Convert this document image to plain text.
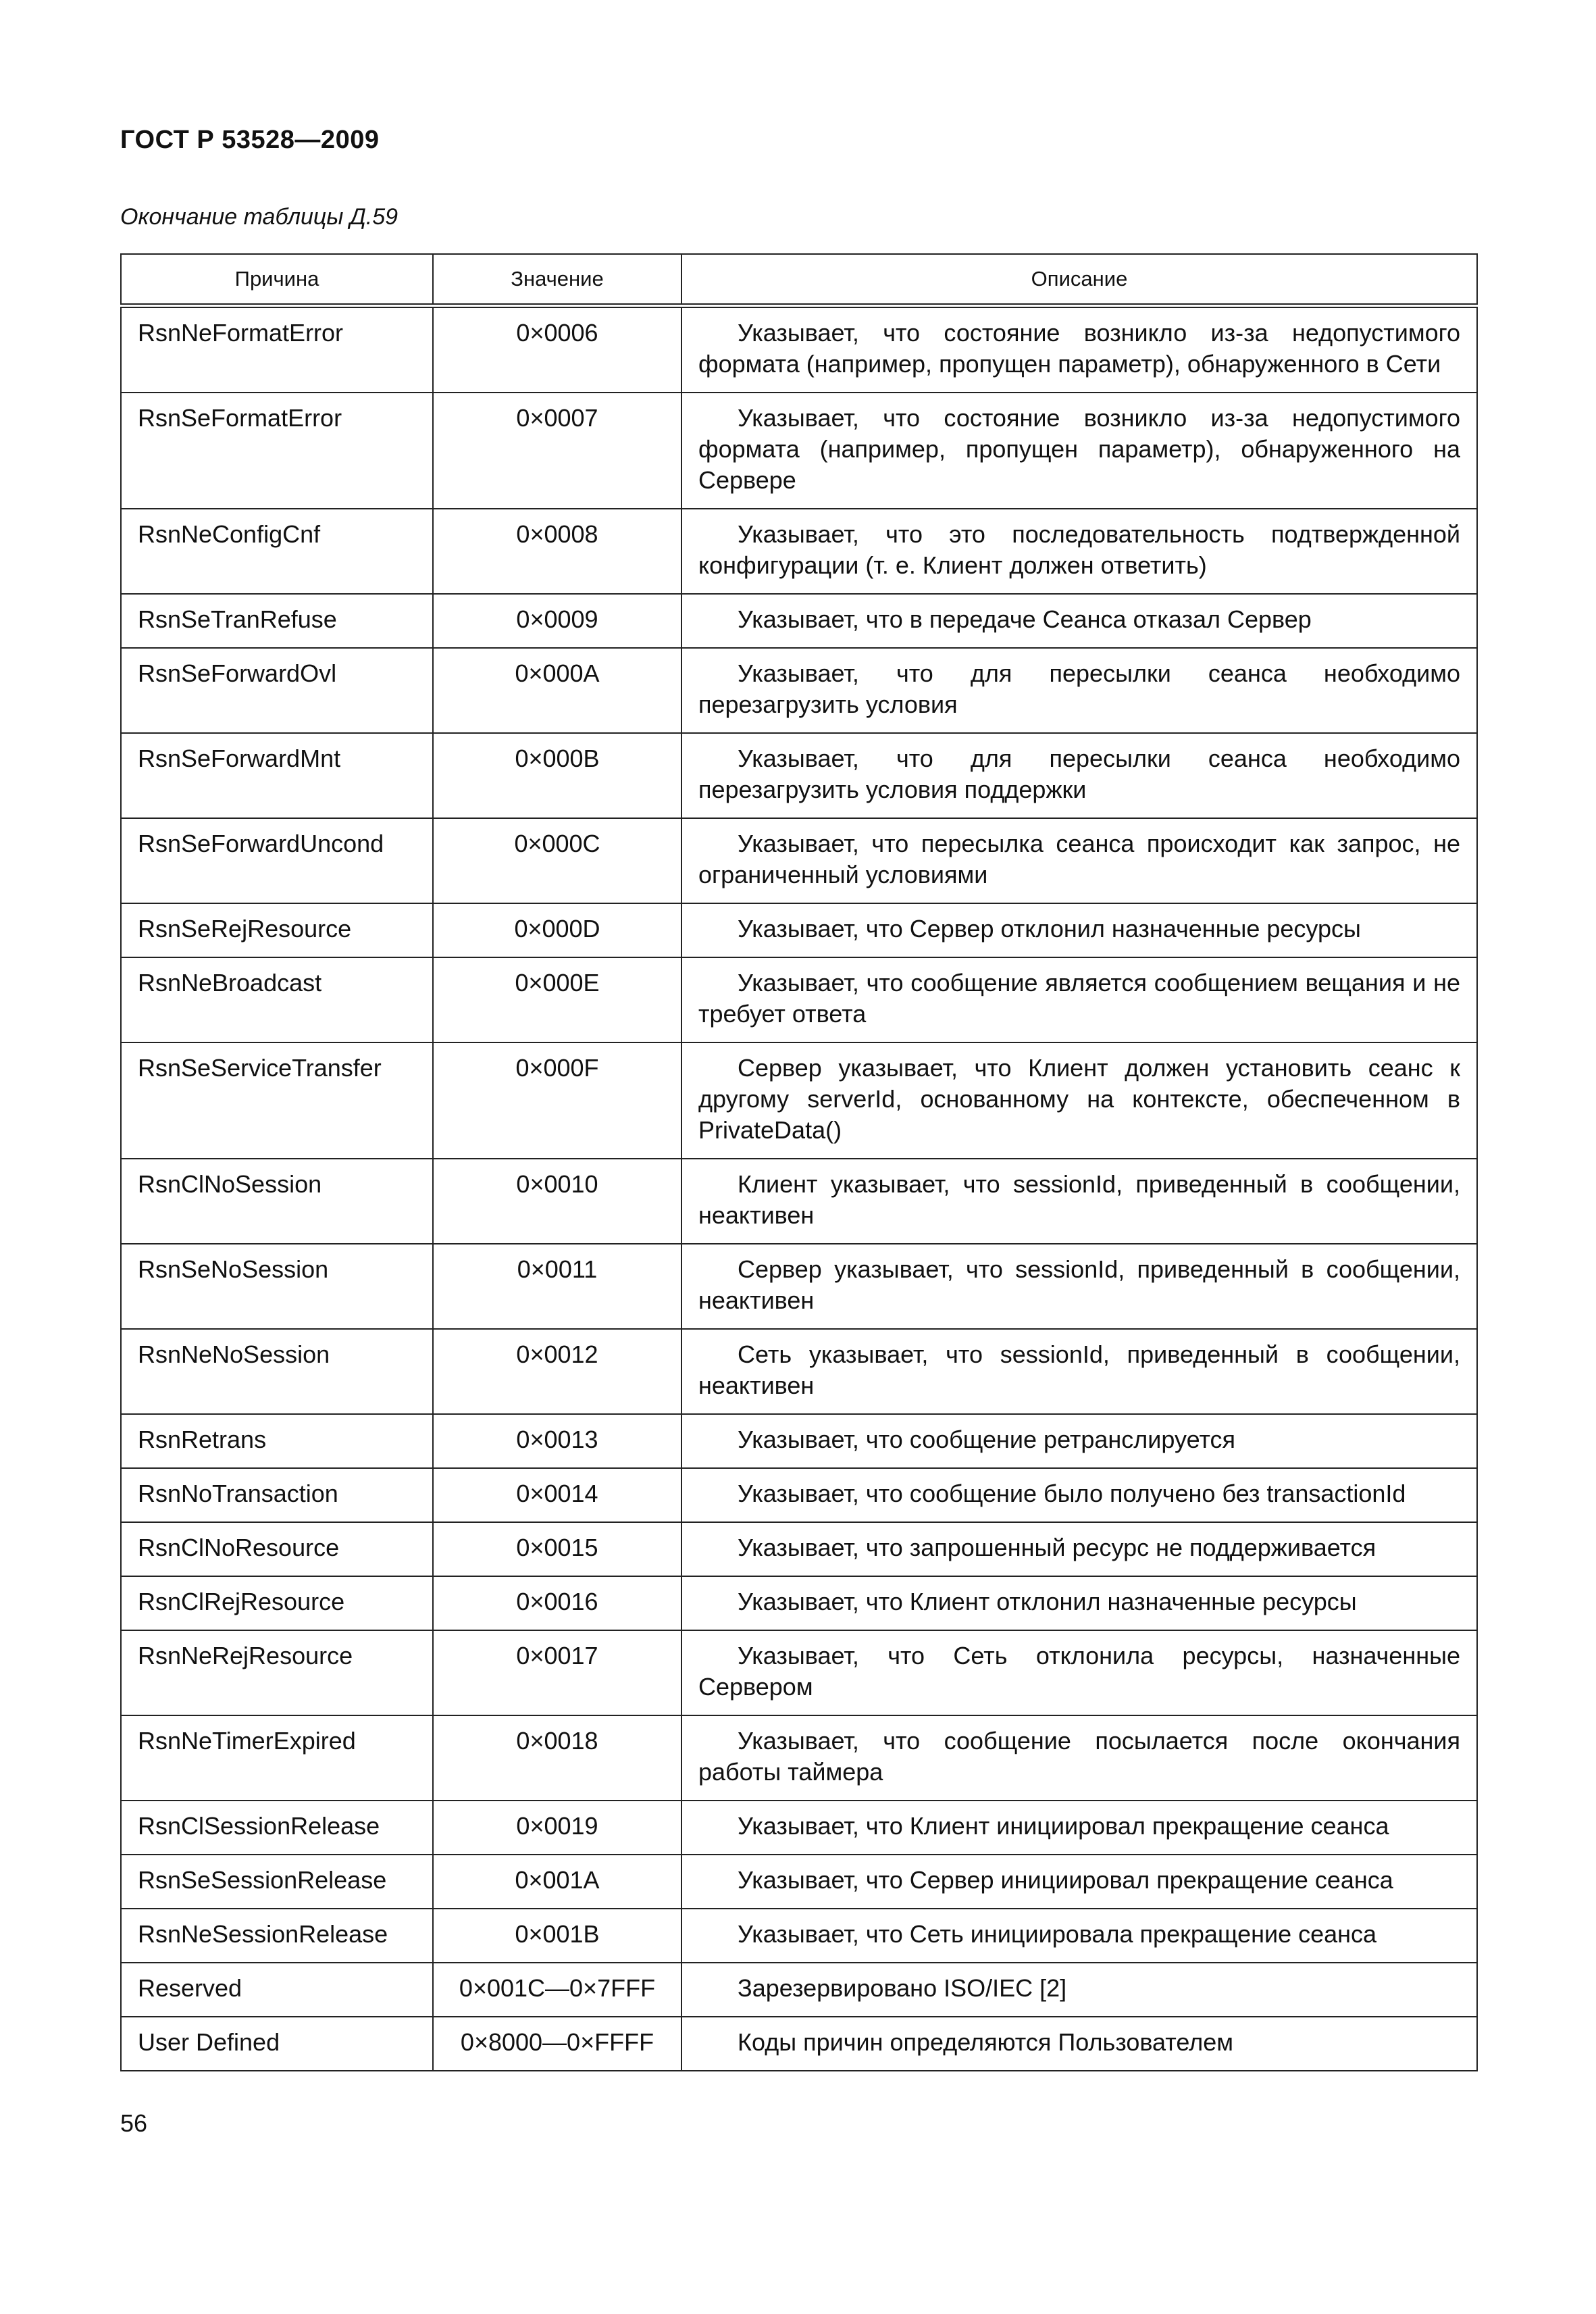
ГОСТ Р 53528—2009
Окончание таблицы Д.59
Причина	Значение	Описание
RsnNeFormatError	0×0006	Указывает, что состояние возникло из-за недопустимого формата (например, пропущен параметр), обнаруженного в Сети
RsnSeFormatError	0×0007	Указывает, что состояние возникло из-за недопустимого формата (например, пропущен параметр), обнаруженного на Сервере
RsnNeConfigCnf	0×0008	Указывает, что это последовательность подтвержденной конфигурации (т. е. Клиент должен ответить)
RsnSeTranRefuse	0×0009	Указывает, что в передаче Сеанса отказал Сервер
RsnSeForwardOvl	0×000A	Указывает, что для пересылки сеанса необходимо перезагрузить условия
RsnSeForwardMnt	0×000B	Указывает, что для пересылки сеанса необходимо перезагрузить условия поддержки
RsnSeForwardUncond	0×000C	Указывает, что пересылка сеанса происходит как запрос, не ограниченный условиями
RsnSeRejResource	0×000D	Указывает, что Сервер отклонил назначенные ресурсы
RsnNeBroadcast	0×000E	Указывает, что сообщение является сообщением вещания и не требует ответа
RsnSeServiceTransfer	0×000F	Сервер указывает, что Клиент должен установить сеанс к другому serverId, основанному на контексте, обеспеченном в PrivateData()
RsnClNoSession	0×0010	Клиент указывает, что sessionId, приведенный в сообщении, неактивен
RsnSeNoSession	0×0011	Сервер указывает, что sessionId, приведенный в сообщении, неактивен
RsnNeNoSession	0×0012	Сеть указывает, что sessionId, приведенный в сообщении, неактивен
RsnRetrans	0×0013	Указывает, что сообщение ретранслируется
RsnNoTransaction	0×0014	Указывает, что сообщение было получено без transactionId
RsnClNoResource	0×0015	Указывает, что запрошенный ресурс не поддерживается
RsnClRejResource	0×0016	Указывает, что Клиент отклонил назначенные ресурсы
RsnNeRejResource	0×0017	Указывает, что Сеть отклонила ресурсы, назначенные Сервером
RsnNeTimerExpired	0×0018	Указывает, что сообщение посылается после окончания работы таймера
RsnClSessionRelease	0×0019	Указывает, что Клиент инициировал прекращение сеанса
RsnSeSessionRelease	0×001A	Указывает, что Сервер инициировал прекращение сеанса
RsnNeSessionRelease	0×001B	Указывает, что Сеть инициировала прекращение сеанса
Reserved	0×001C—0×7FFF	Зарезервировано ISO/IEC [2]
User Defined	0×8000—0×FFFF	Коды причин определяются Пользователем
56
